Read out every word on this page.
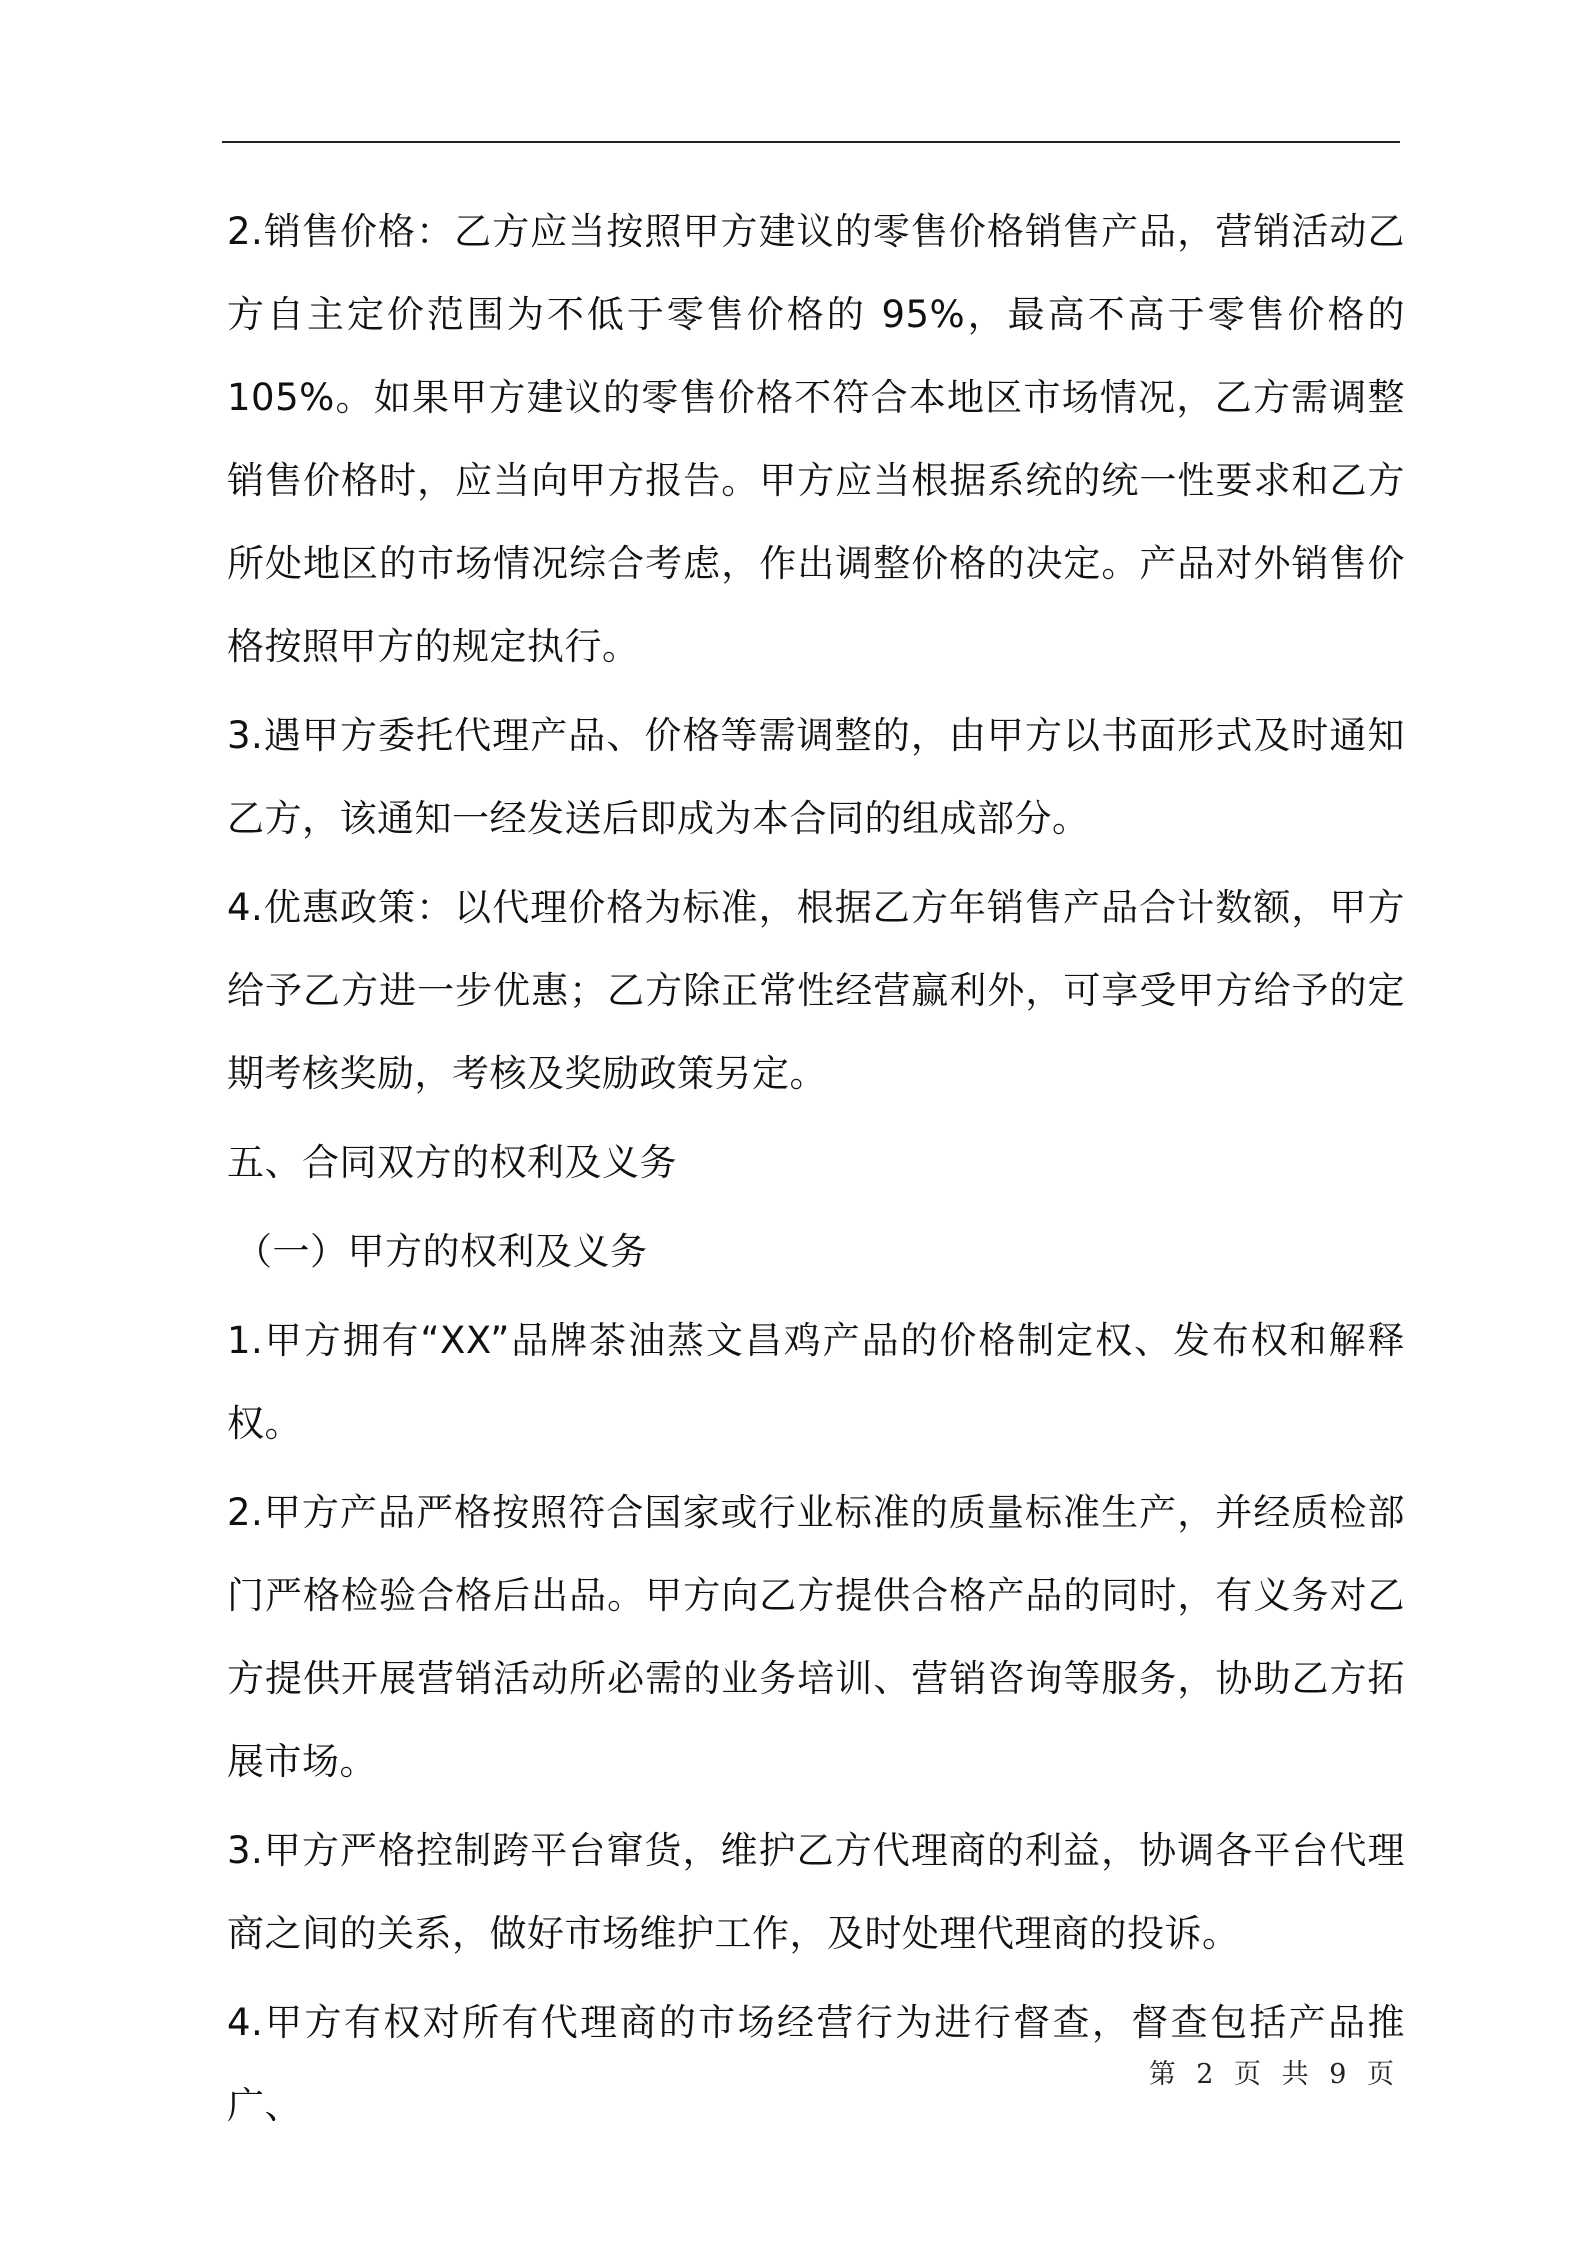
2.销售价格：乙方应当按照甲方建议的零售价格销售产品，营销活动乙方自主定价范围为不低于零售价格的 95%，最高不高于零售价格的105%。如果甲方建议的零售价格不符合本地区市场情况，乙方需调整销售价格时，应当向甲方报告。甲方应当根据系统的统一性要求和乙方所处地区的市场情况综合考虑，作出调整价格的决定。产品对外销售价格按照甲方的规定执行。

3.遇甲方委托代理产品、价格等需调整的，由甲方以书面形式及时通知乙方，该通知一经发送后即成为本合同的组成部分。

4.优惠政策：以代理价格为标准，根据乙方年销售产品合计数额，甲方给予乙方进一步优惠；乙方除正常性经营赢利外，可享受甲方给予的定期考核奖励，考核及奖励政策另定。

五、合同双方的权利及义务

（一）甲方的权利及义务

1.甲方拥有“XX”品牌茶油蒸文昌鸡产品的价格制定权、发布权和解释权。

2.甲方产品严格按照符合国家或行业标准的质量标准生产，并经质检部门严格检验合格后出品。甲方向乙方提供合格产品的同时，有义务对乙方提供开展营销活动所必需的业务培训、营销咨询等服务，协助乙方拓展市场。

3.甲方严格控制跨平台窜货，维护乙方代理商的利益，协调各平台代理商之间的关系，做好市场维护工作，及时处理代理商的投诉。

4.甲方有权对所有代理商的市场经营行为进行督查，督查包括产品推广、

第 2 页 共 9 页
